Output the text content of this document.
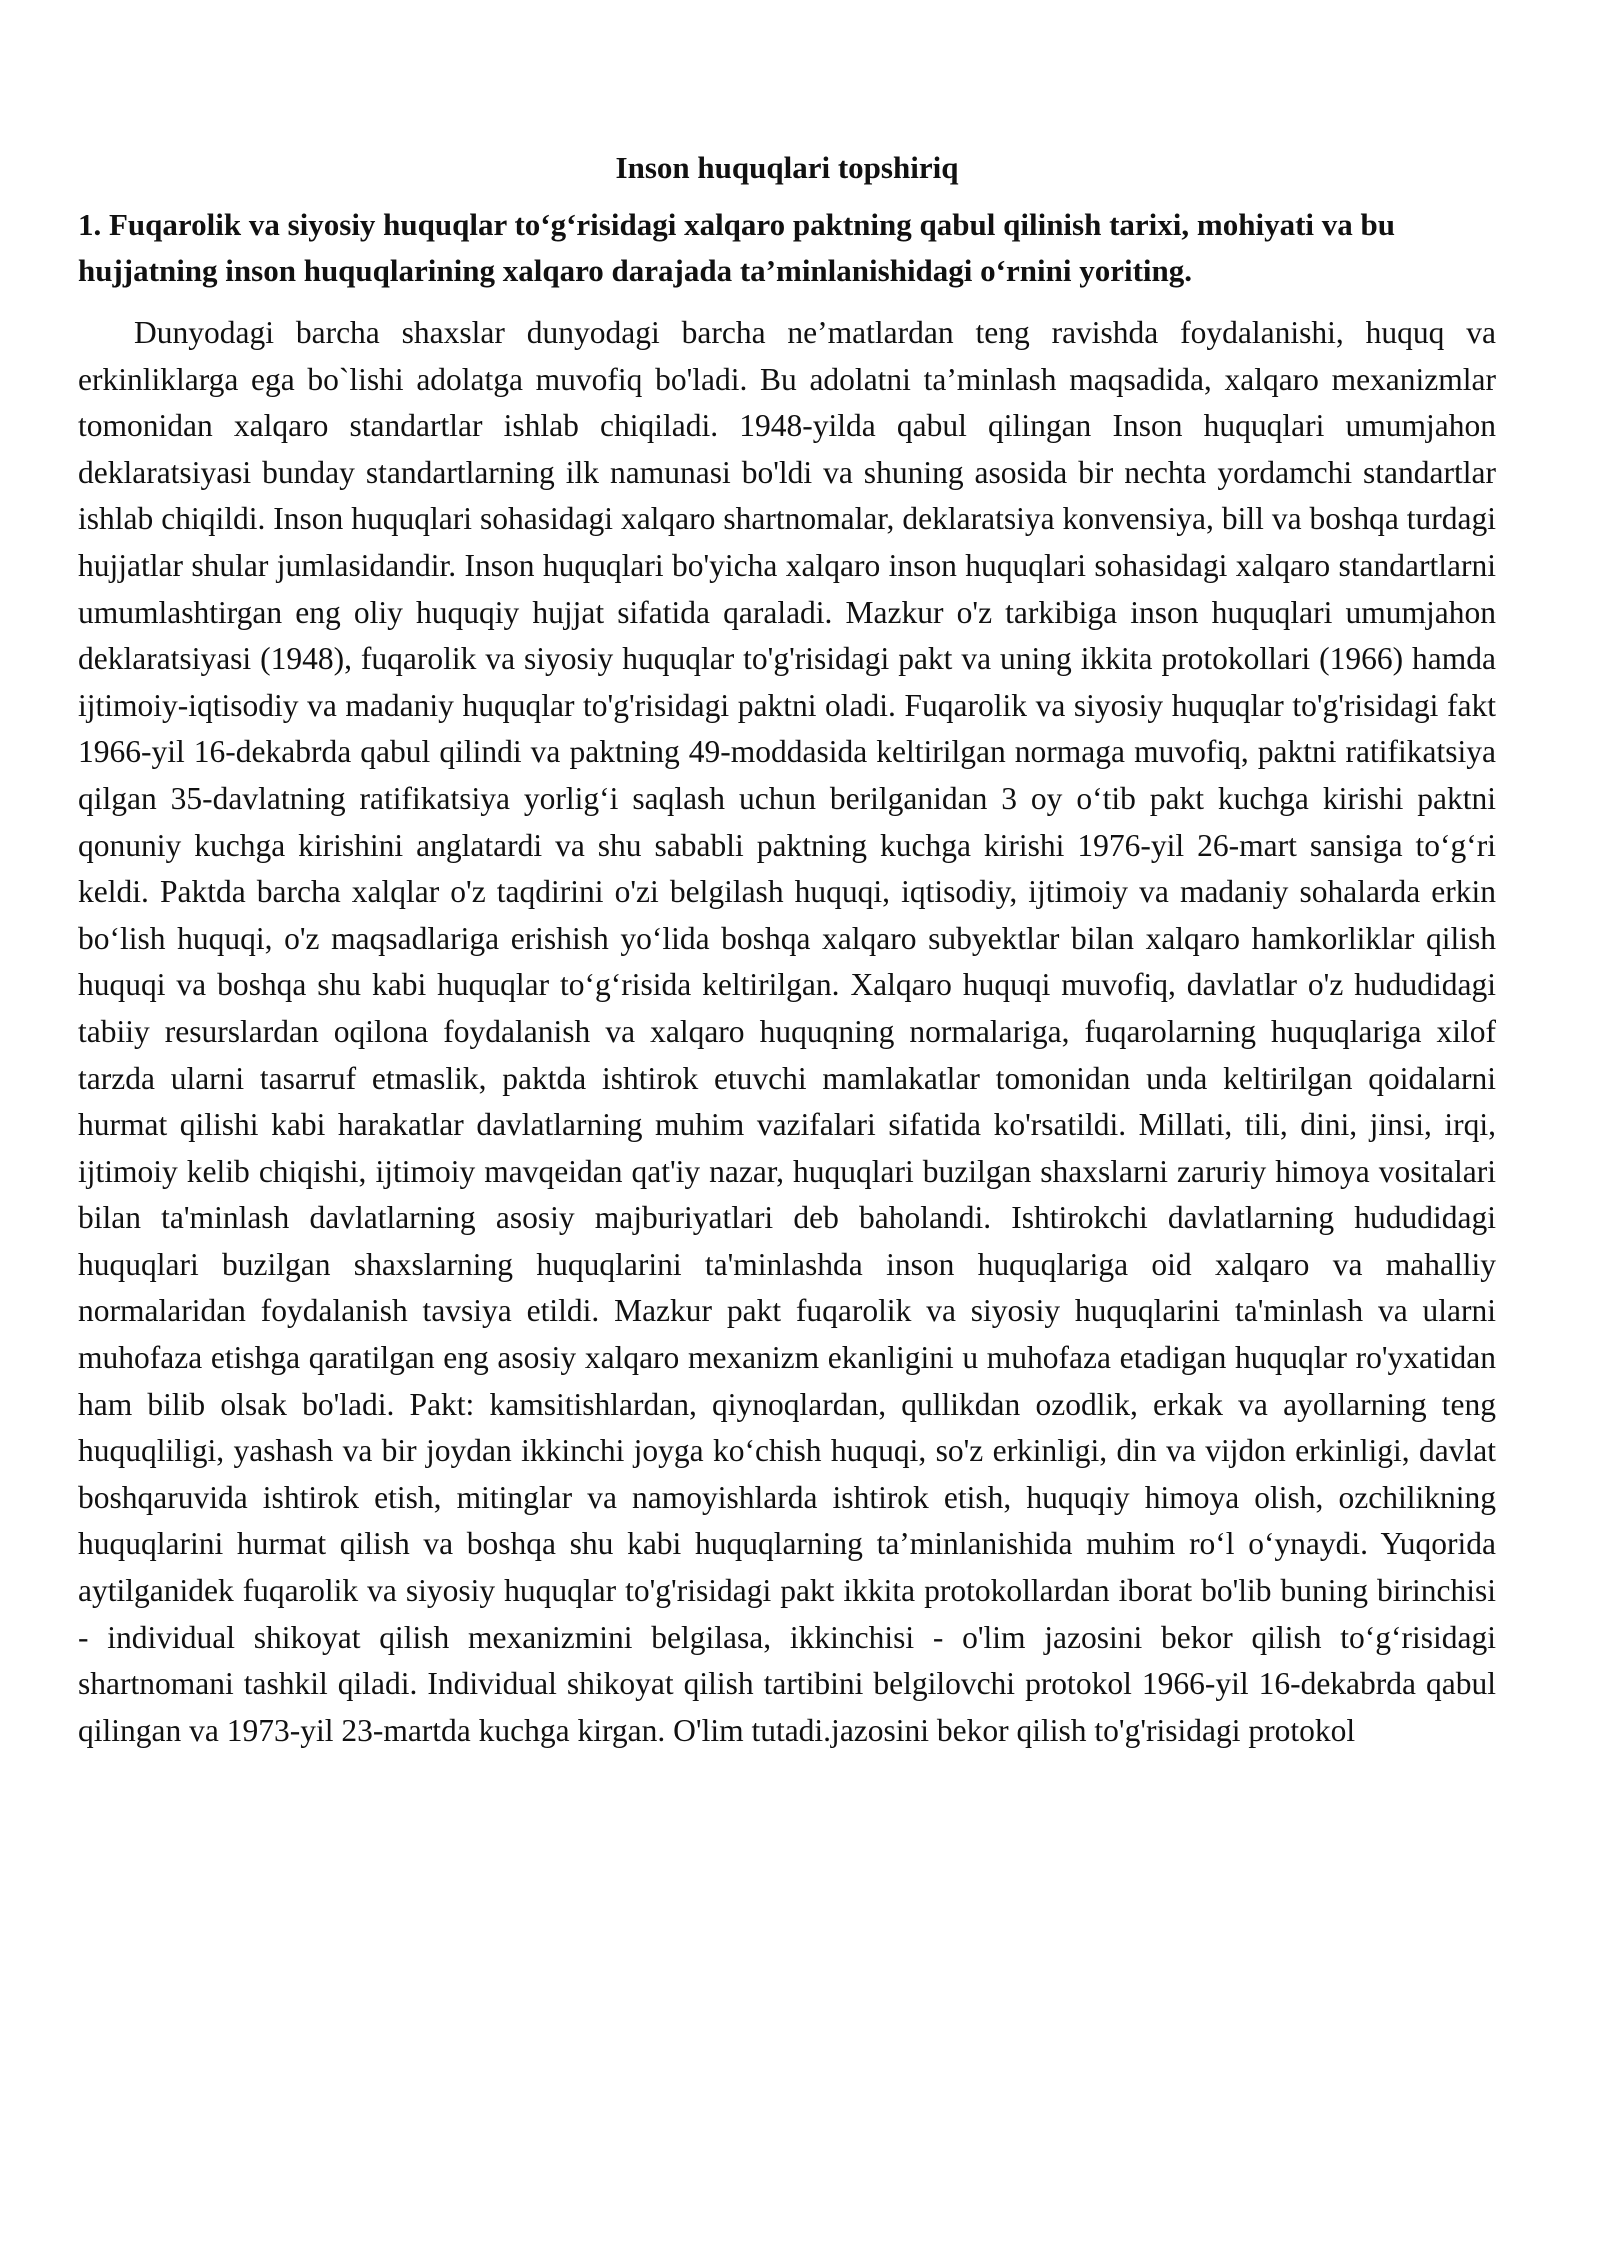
Inson huquqlari topshiriq

1. Fuqarolik va siyosiy huquqlar to‘g‘risidagi xalqaro paktning qabul qilinish tarixi, mohiyati va bu hujjatning inson huquqlarining xalqaro darajada ta’minlanishidagi o‘rnini yoriting.

Dunyodagi barcha shaxslar dunyodagi barcha ne’matlardan teng ravishda foydalanishi, huquq va erkinliklarga ega bo`lishi adolatga muvofiq bo'ladi. Bu adolatni ta’minlash maqsadida, xalqaro mexanizmlar tomonidan xalqaro standartlar ishlab chiqiladi. 1948-yilda qabul qilingan Inson huquqlari umumjahon deklaratsiyasi bunday standartlarning ilk namunasi bo'ldi va shuning asosida bir nechta yordamchi standartlar ishlab chiqildi. Inson huquqlari sohasidagi xalqaro shartnomalar, deklaratsiya konvensiya, bill va boshqa turdagi hujjatlar shular jumlasidandir. Inson huquqlari bo'yicha xalqaro inson huquqlari sohasidagi xalqaro standartlarni umumlashtirgan eng oliy huquqiy hujjat sifatida qaraladi. Mazkur o'z tarkibiga inson huquqlari umumjahon deklaratsiyasi (1948), fuqarolik va siyosiy huquqlar to'g'risidagi pakt va uning ikkita protokollari (1966) hamda ijtimoiy-iqtisodiy va madaniy huquqlar to'g'risidagi paktni oladi. Fuqarolik va siyosiy huquqlar to'g'risidagi fakt 1966-yil 16-dekabrda qabul qilindi va paktning 49-moddasida keltirilgan normaga muvofiq, paktni ratifikatsiya qilgan 35-davlatning ratifikatsiya yorlig‘i saqlash uchun berilganidan 3 oy o‘tib pakt kuchga kirishi paktni qonuniy kuchga kirishini anglatardi va shu sababli paktning kuchga kirishi 1976-yil 26-mart sansiga to‘g‘ri keldi. Paktda barcha xalqlar o'z taqdirini o'zi belgilash huquqi, iqtisodiy, ijtimoiy va madaniy sohalarda erkin bo‘lish huquqi, o'z maqsadlariga erishish yo‘lida boshqa xalqaro subyektlar bilan xalqaro hamkorliklar qilish huquqi va boshqa shu kabi huquqlar to‘g‘risida keltirilgan. Xalqaro huquqi muvofiq, davlatlar o'z hududidagi tabiiy resurslardan oqilona foydalanish va xalqaro huquqning normalariga, fuqarolarning huquqlariga xilof tarzda ularni tasarruf etmaslik, paktda ishtirok etuvchi mamlakatlar tomonidan unda keltirilgan qoidalarni hurmat qilishi kabi harakatlar davlatlarning muhim vazifalari sifatida ko'rsatildi. Millati, tili, dini, jinsi, irqi, ijtimoiy kelib chiqishi, ijtimoiy mavqeidan qat'iy nazar, huquqlari buzilgan shaxslarni zaruriy himoya vositalari bilan ta'minlash davlatlarning asosiy majburiyatlari deb baholandi. Ishtirokchi davlatlarning hududidagi huquqlari buzilgan shaxslarning huquqlarini ta'minlashda inson huquqlariga oid xalqaro va mahalliy normalaridan foydalanish tavsiya etildi. Mazkur pakt fuqarolik va siyosiy huquqlarini ta'minlash va ularni muhofaza etishga qaratilgan eng asosiy xalqaro mexanizm ekanligini u muhofaza etadigan huquqlar ro'yxatidan ham bilib olsak bo'ladi. Pakt: kamsitishlardan, qiynoqlardan, qullikdan ozodlik, erkak va ayollarning teng huquqliligi, yashash va bir joydan ikkinchi joyga ko‘chish huquqi, so'z erkinligi, din va vijdon erkinligi, davlat boshqaruvida ishtirok etish, mitinglar va namoyishlarda ishtirok etish, huquqiy himoya olish, ozchilikning huquqlarini hurmat qilish va boshqa shu kabi huquqlarning ta’minlanishida muhim ro‘l o‘ynaydi. Yuqorida aytilganidek fuqarolik va siyosiy huquqlar to'g'risidagi pakt ikkita protokollardan iborat bo'lib buning birinchisi - individual shikoyat qilish mexanizmini belgilasa, ikkinchisi - o'lim jazosini bekor qilish to‘g‘risidagi shartnomani tashkil qiladi. Individual shikoyat qilish tartibini belgilovchi protokol 1966-yil 16-dekabrda qabul qilingan va 1973-yil 23-martda kuchga kirgan. O'lim tutadi.jazosini bekor qilish to'g'risidagi protokol
